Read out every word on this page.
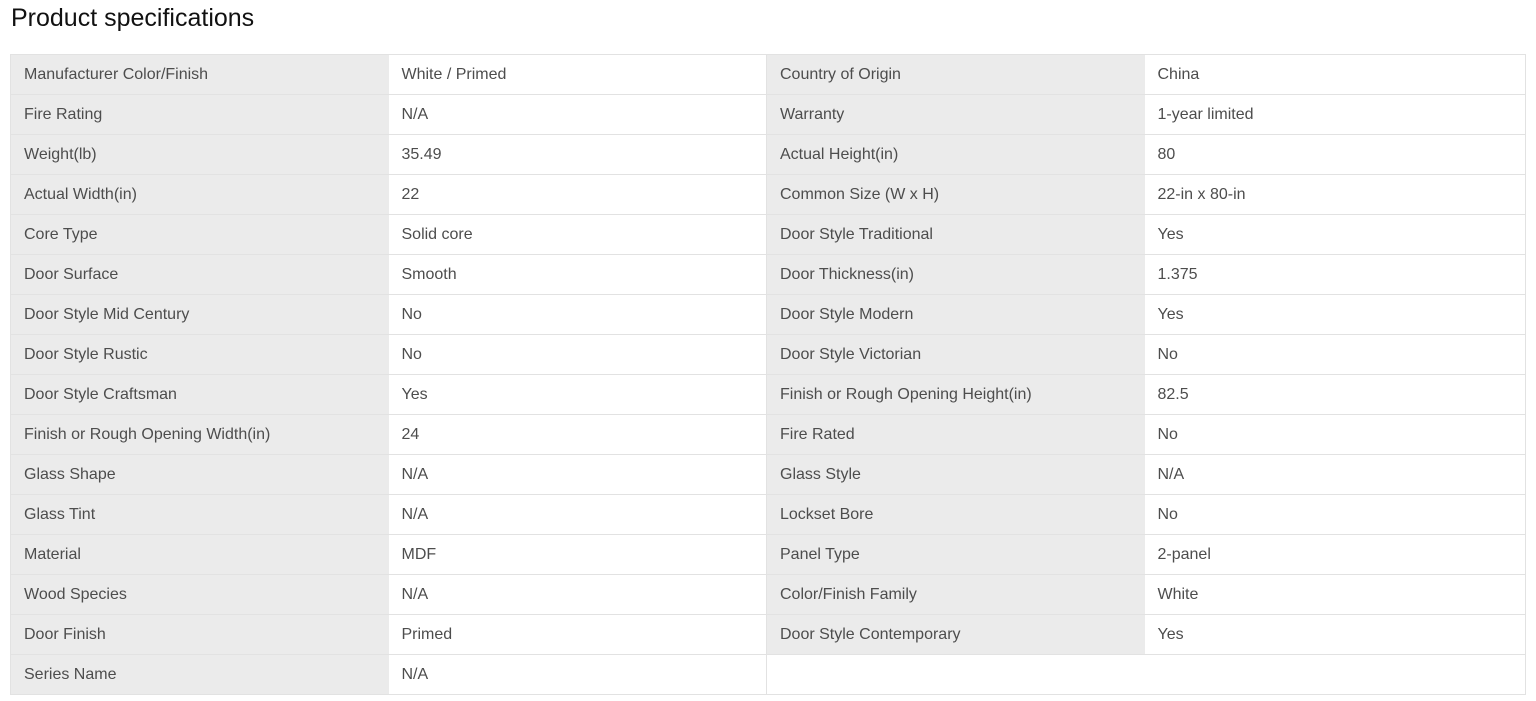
Product specifications
Manufacturer Color/Finish	White / Primed	Country of Origin	China
Fire Rating	N/A	Warranty	1-year limited
Weight(lb)	35.49	Actual Height(in)	80
Actual Width(in)	22	Common Size (W x H)	22-in x 80-in
Core Type	Solid core	Door Style Traditional	Yes
Door Surface	Smooth	Door Thickness(in)	1.375
Door Style Mid Century	No	Door Style Modern	Yes
Door Style Rustic	No	Door Style Victorian	No
Door Style Craftsman	Yes	Finish or Rough Opening Height(in)	82.5
Finish or Rough Opening Width(in)	24	Fire Rated	No
Glass Shape	N/A	Glass Style	N/A
Glass Tint	N/A	Lockset Bore	No
Material	MDF	Panel Type	2-panel
Wood Species	N/A	Color/Finish Family	White
Door Finish	Primed	Door Style Contemporary	Yes
Series Name	N/A		
